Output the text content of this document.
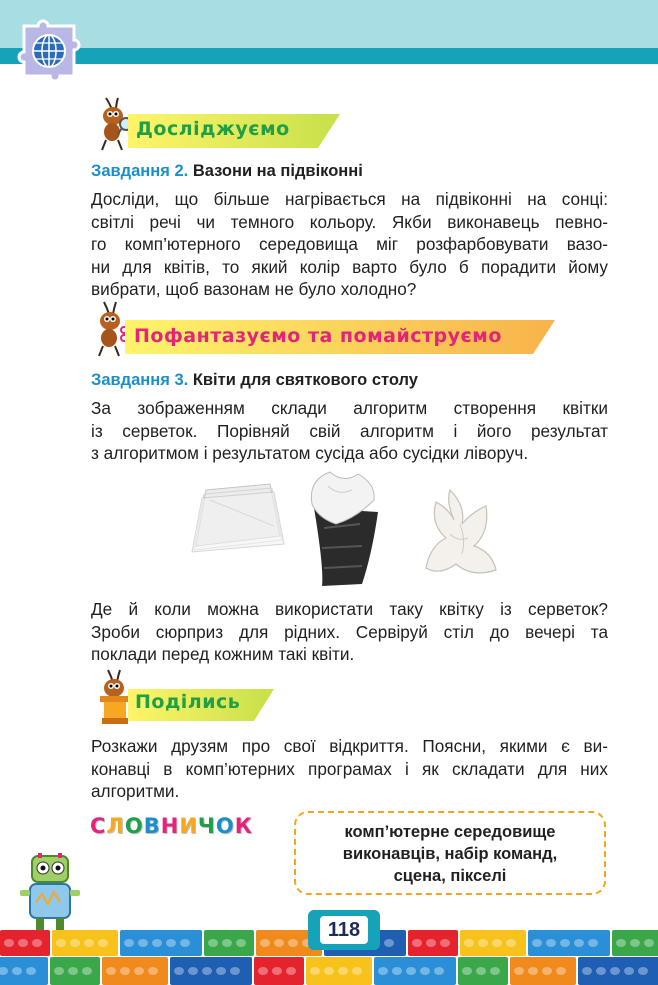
Досліджуємо
Завдання 2. Вазони на підвіконні
Досліди, що більше нагрівається на підвіконні на сонці:
світлі речі чи темного кольору. Якби виконавець певно-
го комп’ютерного середовища міг розфарбовувати вазо-
ни для квітів, то який колір варто було б порадити йому
вибрати, щоб вазонам не було холодно?
Пофантазуємо та помайструємо
Завдання 3. Квіти для святкового столу
За зображенням склади алгоритм створення квітки
із серветок. Порівняй свій алгоритм і його результат
з алгоритмом і результатом сусіда або сусідки ліворуч.
Де й коли можна використати таку квітку із серветок?
Зроби сюрприз для рідних. Сервіруй стіл до вечері та
поклади перед кожним такі квіти.
Поділись
Розкажи друзям про свої відкриття. Поясни, якими є ви-
конавці в комп’ютерних програмах і як складати для них
алгоритми.
СЛОВНИЧОК	комп’ютерне середовище
виконавців, набір команд,
сцена, пікселі
118
